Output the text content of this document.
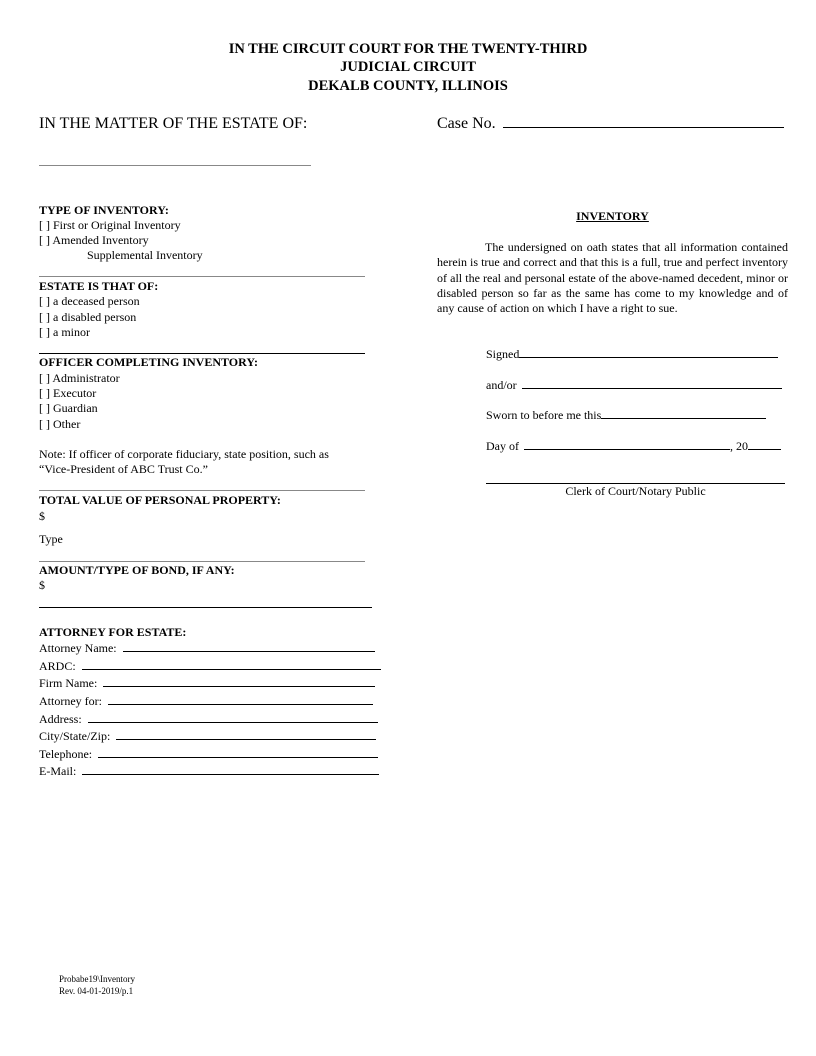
IN THE CIRCUIT COURT FOR THE TWENTY-THIRD
JUDICIAL CIRCUIT
DEKALB COUNTY, ILLINOIS
IN THE MATTER OF THE ESTATE OF:	Case No.
TYPE OF INVENTORY:
[ ] First or Original Inventory
[ ] Amended Inventory
Supplemental Inventory
ESTATE IS THAT OF:
[ ] a deceased person
[ ] a disabled person
[ ] a minor
OFFICER COMPLETING INVENTORY:
[ ] Administrator
[ ] Executor
[ ] Guardian
[ ] Other
Note: If officer of corporate fiduciary, state position, such as
“Vice-President of ABC Trust Co.”
TOTAL VALUE OF PERSONAL PROPERTY:
$
Type
AMOUNT/TYPE OF BOND, IF ANY:
$
ATTORNEY FOR ESTATE:
Attorney Name:
ARDC:
Firm Name:
Attorney for:
Address:
City/State/Zip:
Telephone:
E-Mail:
INVENTORY
The undersigned on oath states that all information contained herein is true and correct and that this is a full, true and perfect inventory of all the real and personal estate of the above-named decedent, minor or disabled person so far as the same has come to my knowledge and of any cause of action on which I have a right to sue.
Signed
and/or
Sworn to before me this
Day of	, 20
Clerk of Court/Notary Public
Probabe19\Inventory
Rev. 04-01-2019/p.1
